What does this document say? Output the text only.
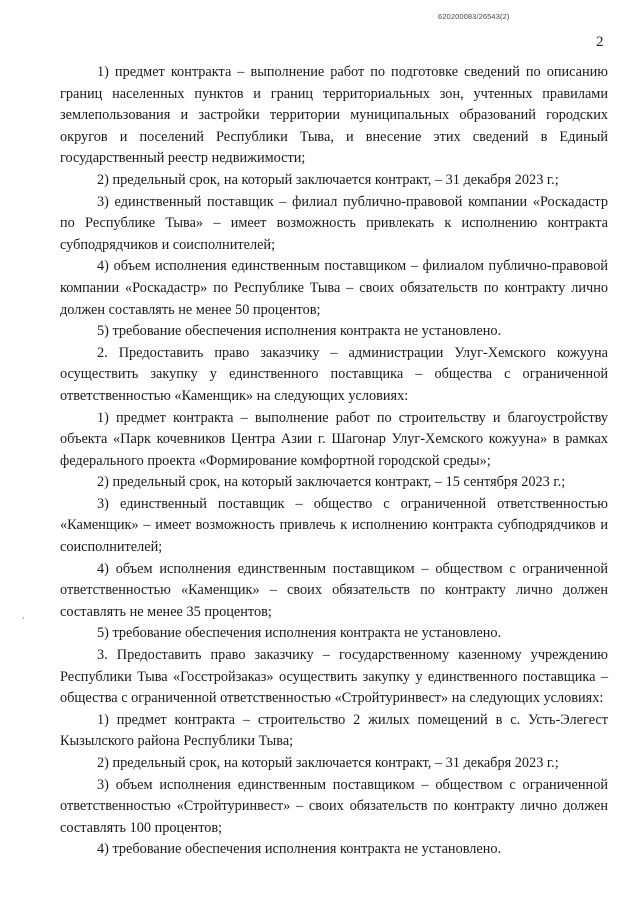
620200083/26543(2)
2

1) предмет контракта – выполнение работ по подготовке сведений по описанию границ населенных пунктов и границ территориальных зон, учтенных правилами землепользования и застройки территории муниципальных образований городских округов и поселений Республики Тыва, и внесение этих сведений в Единый государственный реестр недвижимости;

2) предельный срок, на который заключается контракт, – 31 декабря 2023 г.;

3) единственный поставщик – филиал публично-правовой компании «Роскадастр по Республике Тыва» – имеет возможность привлекать к исполнению контракта субподрядчиков и соисполнителей;

4) объем исполнения единственным поставщиком – филиалом публично-правовой компании «Роскадастр» по Республике Тыва – своих обязательств по контракту лично должен составлять не менее 50 процентов;

5) требование обеспечения исполнения контракта не установлено.

2. Предоставить право заказчику – администрации Улуг-Хемского кожууна осуществить закупку у единственного поставщика – общества с ограниченной ответственностью «Каменщик» на следующих условиях:

1) предмет контракта – выполнение работ по строительству и благоустройству объекта «Парк кочевников Центра Азии г. Шагонар Улуг-Хемского кожууна» в рамках федерального проекта «Формирование комфортной городской среды»;

2) предельный срок, на который заключается контракт, – 15 сентября 2023 г.;

3) единственный поставщик – общество с ограниченной ответственностью «Каменщик» – имеет возможность привлечь к исполнению контракта субподрядчиков и соисполнителей;

4) объем исполнения единственным поставщиком – обществом с ограниченной ответственностью «Каменщик» – своих обязательств по контракту лично должен составлять не менее 35 процентов;

5) требование обеспечения исполнения контракта не установлено.

3. Предоставить право заказчику – государственному казенному учреждению Республики Тыва «Госстройзаказ» осуществить закупку у единственного поставщика – общества с ограниченной ответственностью «Стройтуринвест» на следующих условиях:

1) предмет контракта – строительство 2 жилых помещений в с. Усть-Элегест Кызылского района Республики Тыва;

2) предельный срок, на который заключается контракт, – 31 декабря 2023 г.;

3) объем исполнения единственным поставщиком – обществом с ограниченной ответственностью «Стройтуринвест» – своих обязательств по контракту лично должен составлять 100 процентов;

4) требование обеспечения исполнения контракта не установлено.

,
